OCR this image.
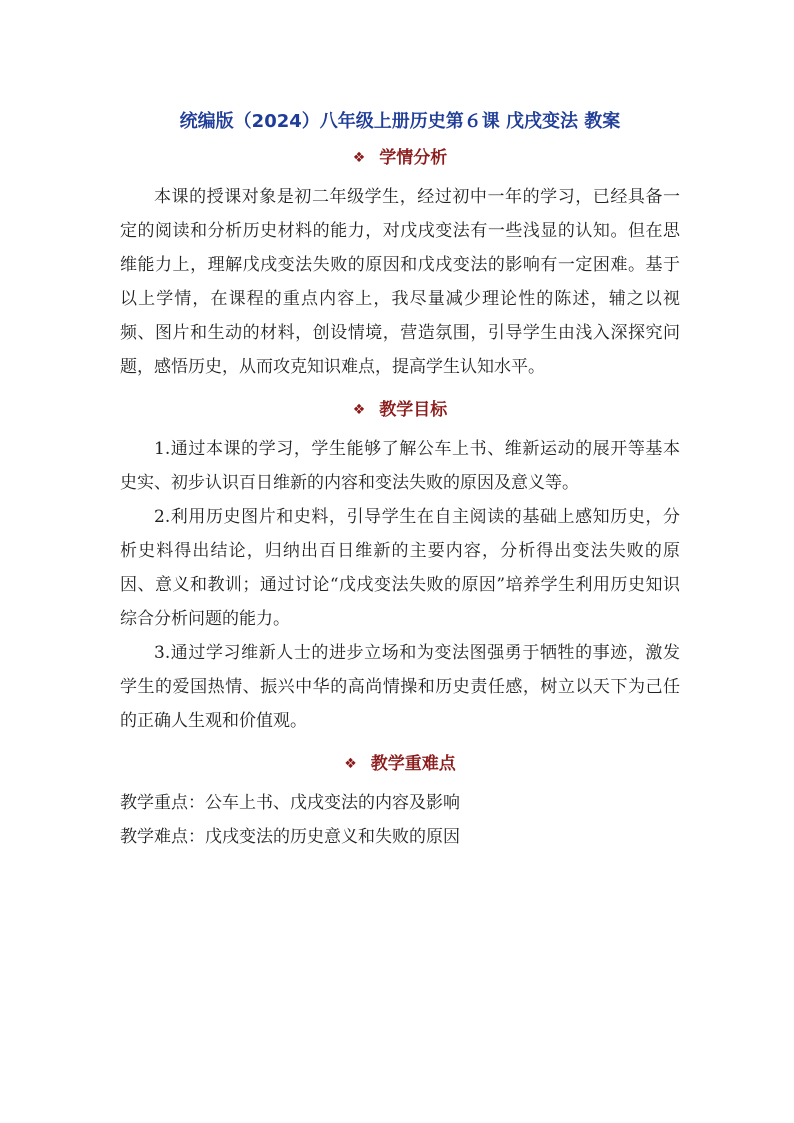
统编版（2024）八年级上册历史第６课 戊戌变法 教案
❖ 学情分析

本课的授课对象是初二年级学生，经过初中一年的学习，已经具备一定的阅读和分析历史材料的能力，对戊戌变法有一些浅显的认知。但在思维能力上，理解戊戌变法失败的原因和戊戌变法的影响有一定困难。基于以上学情，在课程的重点内容上，我尽量减少理论性的陈述，辅之以视频、图片和生动的材料，创设情境，营造氛围，引导学生由浅入深探究问题，感悟历史，从而攻克知识难点，提高学生认知水平。

❖ 教学目标

1.通过本课的学习，学生能够了解公车上书、维新运动的展开等基本史实、初步认识百日维新的内容和变法失败的原因及意义等。

2.利用历史图片和史料，引导学生在自主阅读的基础上感知历史，分析史料得出结论，归纳出百日维新的主要内容，分析得出变法失败的原因、意义和教训；通过讨论“戊戌变法失败的原因”培养学生利用历史知识综合分析问题的能力。

3.通过学习维新人士的进步立场和为变法图强勇于牺牲的事迹，激发学生的爱国热情、振兴中华的高尚情操和历史责任感，树立以天下为己任的正确人生观和价值观。

❖ 教学重难点

教学重点：公车上书、戊戌变法的内容及影响

教学难点：戊戌变法的历史意义和失败的原因
